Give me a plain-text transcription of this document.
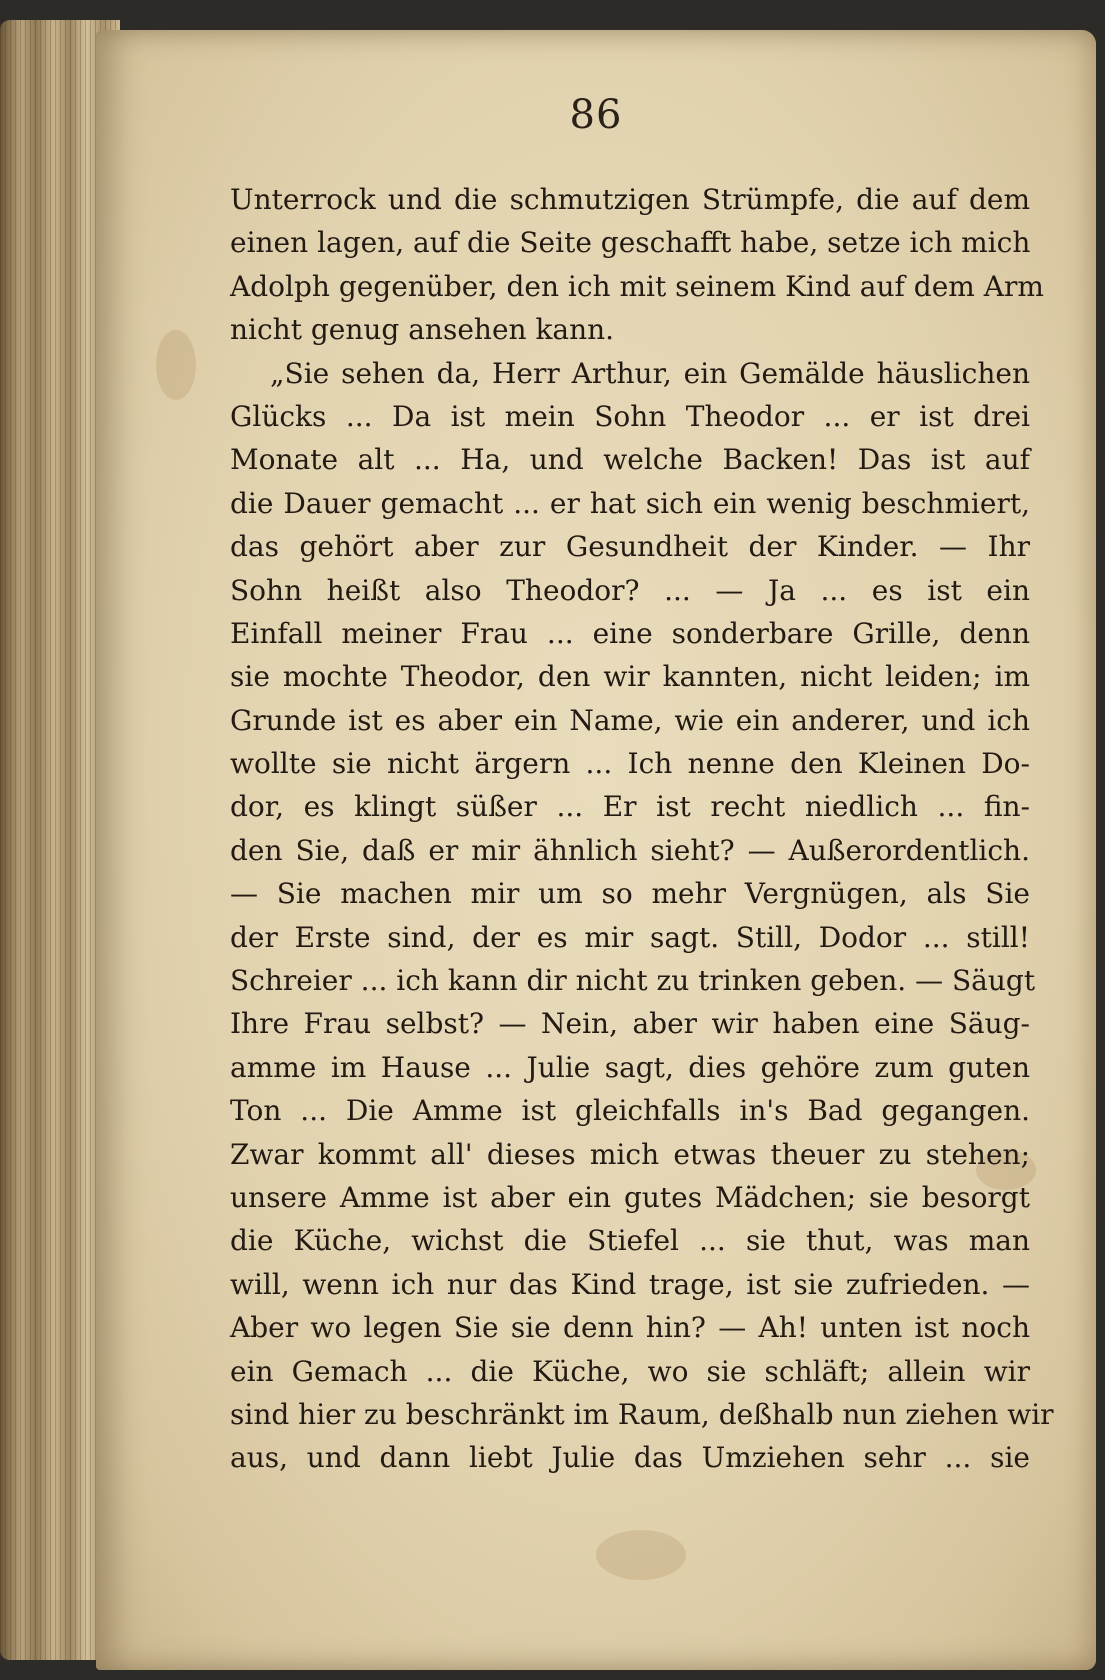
86
Unterrock und die schmutzigen Strümpfe, die auf dem
einen lagen, auf die Seite geschafft habe, setze ich mich
Adolph gegenüber, den ich mit seinem Kind auf dem Arm
nicht genug ansehen kann.
„Sie sehen da, Herr Arthur, ein Gemälde häuslichen
Glücks ... Da ist mein Sohn Theodor ... er ist drei
Monate alt ... Ha, und welche Backen! Das ist auf
die Dauer gemacht ... er hat sich ein wenig beschmiert,
das gehört aber zur Gesundheit der Kinder. — Ihr
Sohn heißt also Theodor? ... — Ja ... es ist ein
Einfall meiner Frau ... eine sonderbare Grille, denn
sie mochte Theodor, den wir kannten, nicht leiden; im
Grunde ist es aber ein Name, wie ein anderer, und ich
wollte sie nicht ärgern ... Ich nenne den Kleinen Do-
dor, es klingt süßer ... Er ist recht niedlich ... fin-
den Sie, daß er mir ähnlich sieht? — Außerordentlich.
— Sie machen mir um so mehr Vergnügen, als Sie
der Erste sind, der es mir sagt. Still, Dodor ... still!
Schreier ... ich kann dir nicht zu trinken geben. — Säugt
Ihre Frau selbst? — Nein, aber wir haben eine Säug-
amme im Hause ... Julie sagt, dies gehöre zum guten
Ton ... Die Amme ist gleichfalls in's Bad gegangen.
Zwar kommt all' dieses mich etwas theuer zu stehen;
unsere Amme ist aber ein gutes Mädchen; sie besorgt
die Küche, wichst die Stiefel ... sie thut, was man
will, wenn ich nur das Kind trage, ist sie zufrieden. —
Aber wo legen Sie sie denn hin? — Ah! unten ist noch
ein Gemach ... die Küche, wo sie schläft; allein wir
sind hier zu beschränkt im Raum, deßhalb nun ziehen wir
aus, und dann liebt Julie das Umziehen sehr ... sie
